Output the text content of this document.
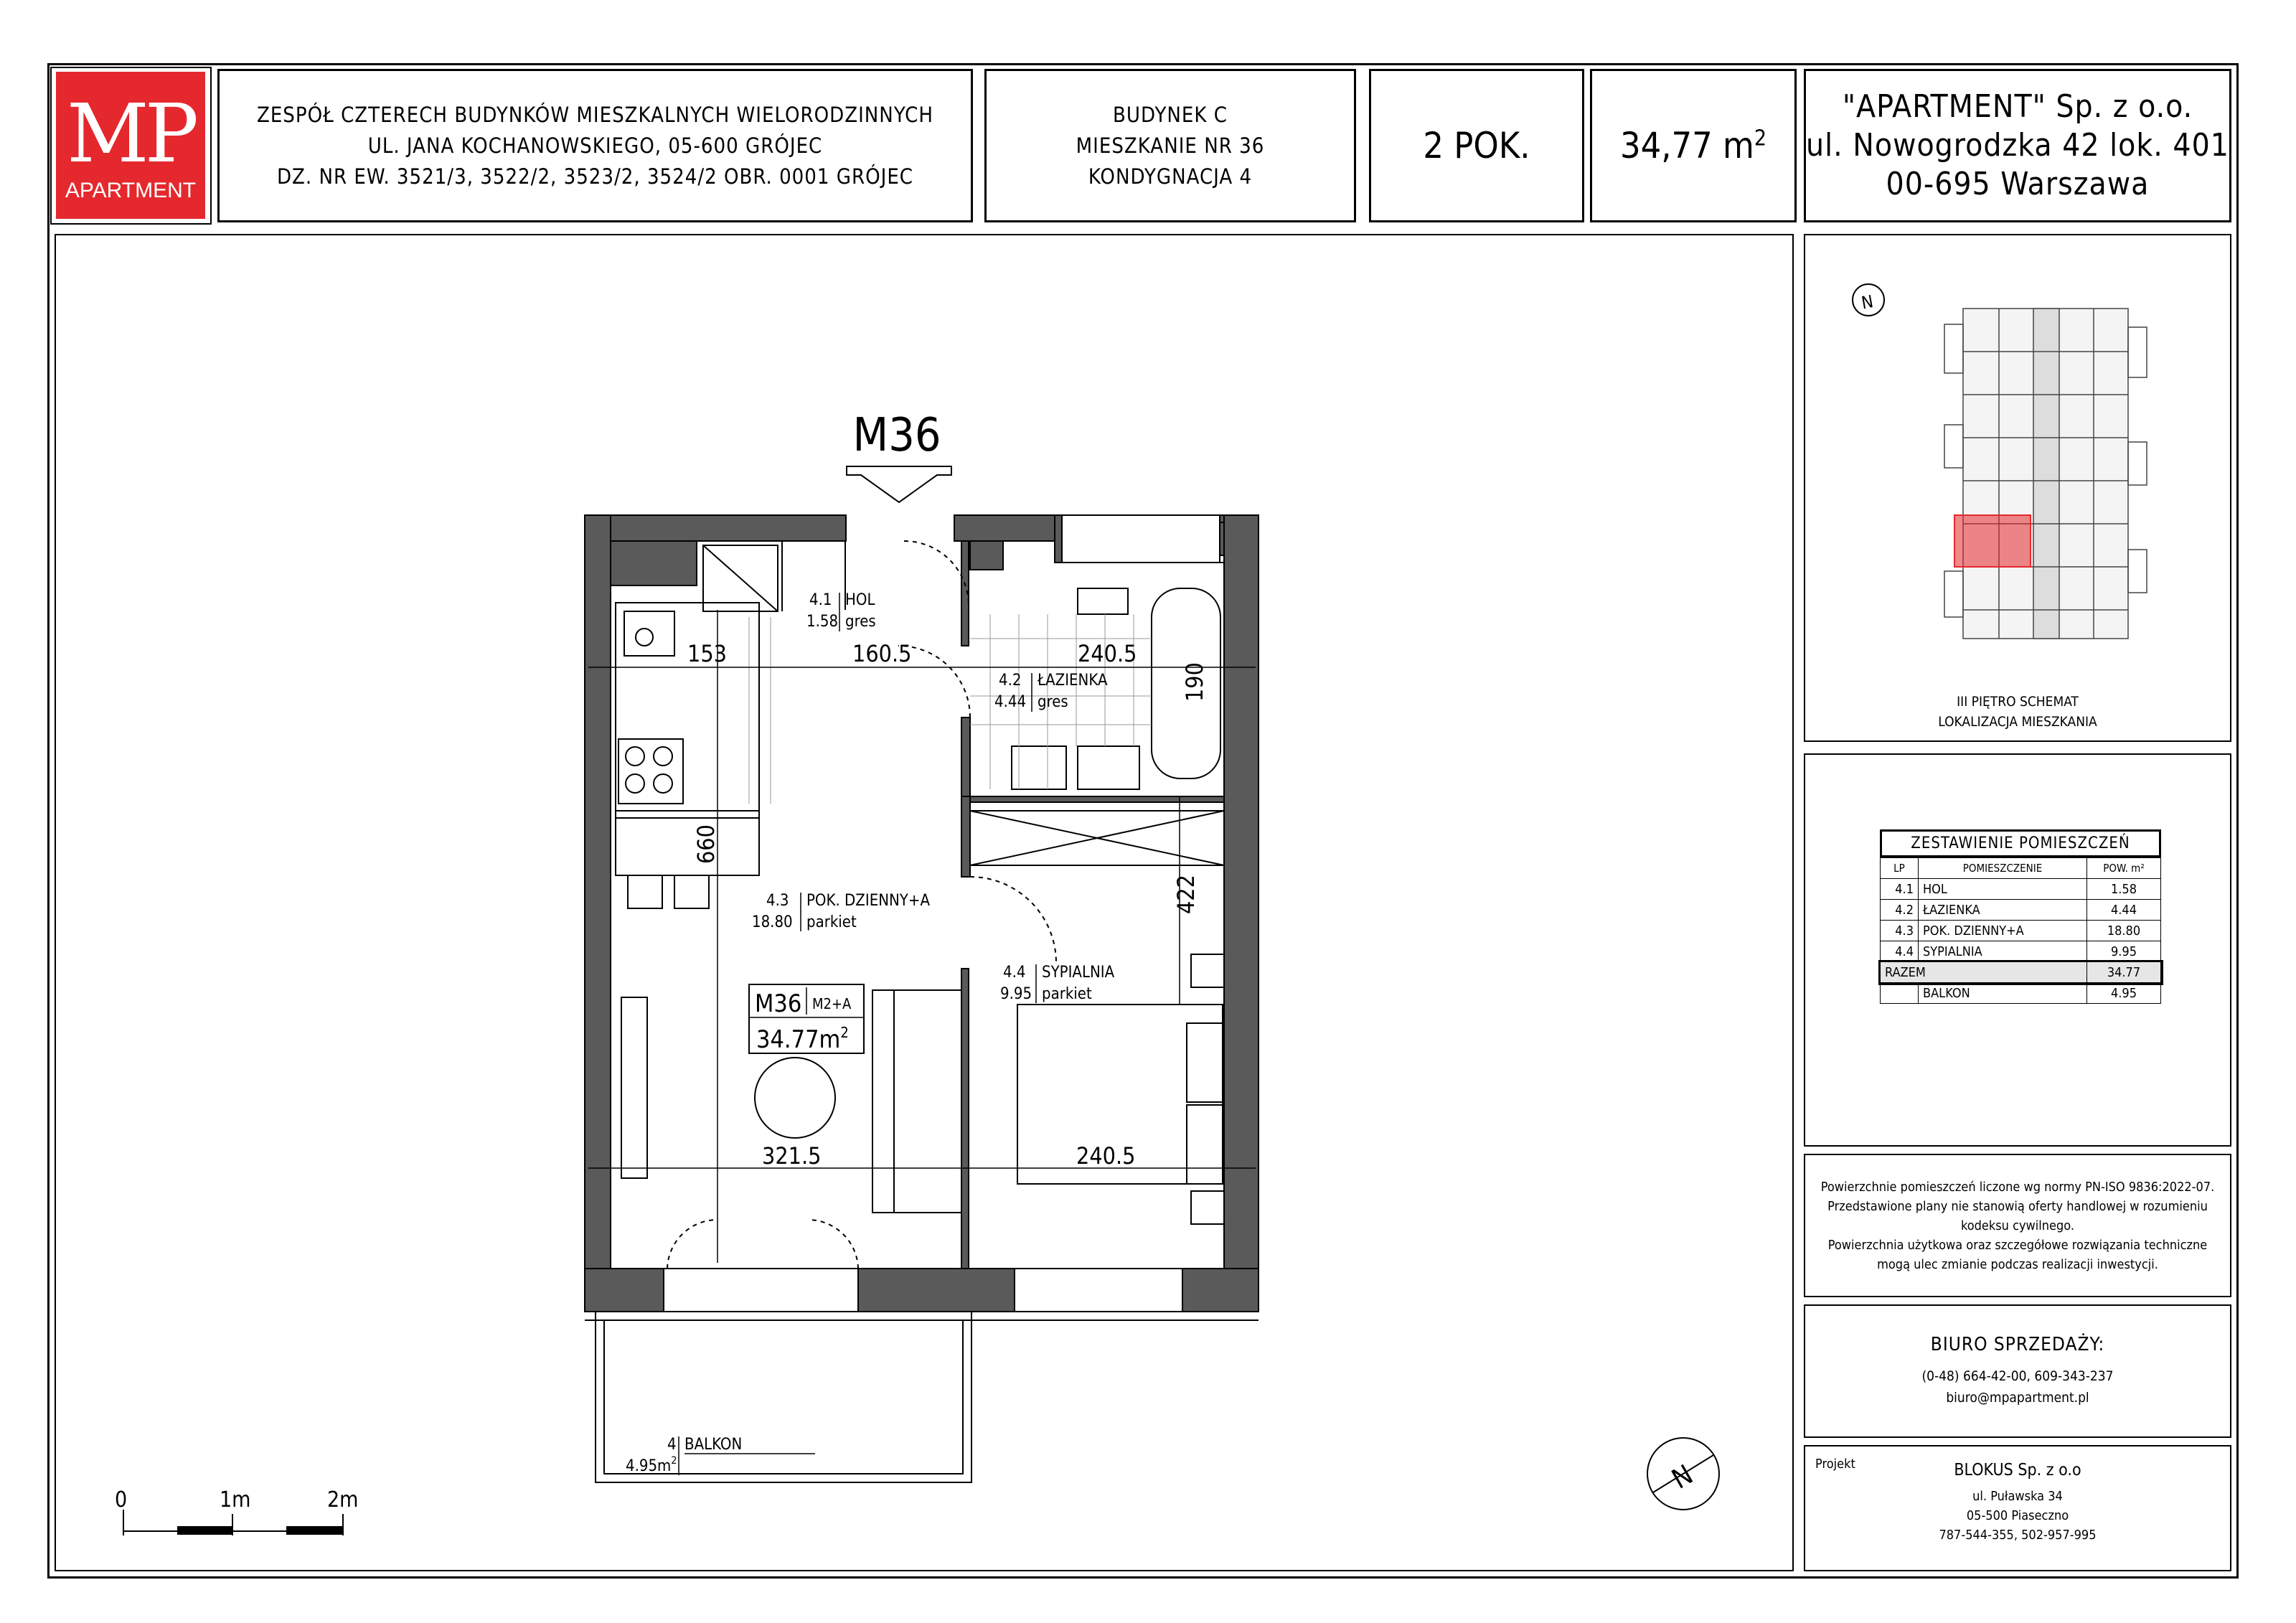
MP
APARTMENT
ZESPÓŁ CZTERECH BUDYNKÓW MIESZKALNYCH WIELORODZINNYCH
UL. JANA KOCHANOWSKIEGO, 05-600 GRÓJEC
DZ. NR EW. 3521/3, 3522/2, 3523/2, 3524/2 OBR. 0001 GRÓJEC
BUDYNEK C
MIESZKANIE NR 36
KONDYGNACJA 4
2 POK.	34,77 $m^2$
"APARTMENT" Sp. z o.o.
ul. Nowogrodzka 42 lok. 401
00-695 Warszawa
M36
153	160.5	240.5
190
660
422
321.5	240.5
4.1 HOL
1.58 gres
4.2 ŁAZIENKA
4.44 gres
4.3 POK. DZIENNY+A
18.80 parkiet
4.4 SYPIALNIA
9.95 parkiet
4 BALKON
$4.95m^2$
M36 M2+A
$34.77m^2$
0	1m	2m
N
N
III PIĘTRO SCHEMAT
LOKALIZACJA MIESZKANIA
ZESTAWIENIE POMIESZCZEŃ
LP	POMIESZCZENIE	POW. m²
4.1	HOL	1.58
4.2	ŁAZIENKA	4.44
4.3	POK. DZIENNY+A	18.80
4.4	SYPIALNIA	9.95
RAZEM		34.77
	BALKON	4.95
Powierzchnie pomieszczeń liczone wg normy PN-ISO 9836:2022-07.
Przedstawione plany nie stanowią oferty handlowej w rozumieniu
kodeksu cywilnego.
Powierzchnia użytkowa oraz szczegółowe rozwiązania techniczne
mogą ulec zmianie podczas realizacji inwestycji.
BIURO SPRZEDAŻY:
(0-48) 664-42-00, 609-343-237
biuro@mpapartment.pl
Projekt	BLOKUS Sp. z o.o
ul. Puławska 34
05-500 Piaseczno
787-544-355, 502-957-995
